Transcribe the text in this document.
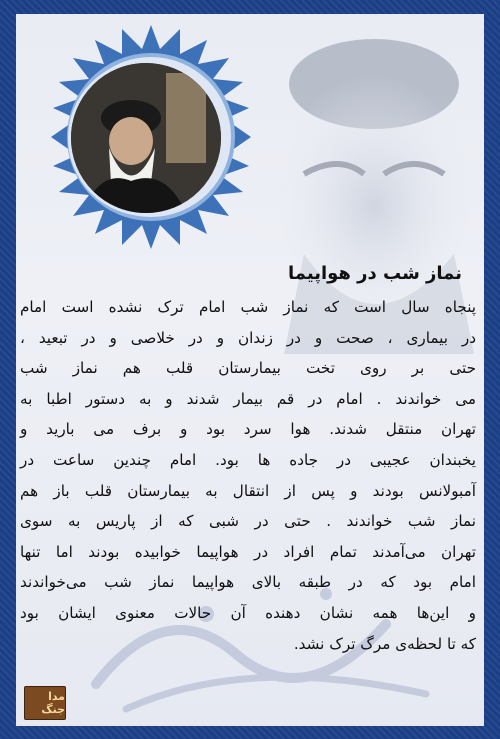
نماز شب در هواپیما
پنجاه سال است که نماز شب امام ترک نشده است امام
در بیماری ، صحت و در زندان و در خلاصی و در تبعید ،
حتی بر روی تخت بیمارستان قلب هم نماز شب
می خواندند . امام در قم بیمار شدند و به دستور اطبا به
تهران منتقل شدند. هوا سرد بود و برف می بارید و
یخبندان عجیبی در جاده ها بود. امام چندین ساعت در
آمبولانس بودند و پس از انتقال به بیمارستان قلب باز هم
نماز شب خواندند . حتی در شبی که از پاریس به سوی
تهران می‌آمدند تمام افراد در هواپیما خوابیده بودند اما تنها
امام بود که در طبقه بالای هواپیما نماز شب می‌خواندند
و این‌ها همه نشان دهنده آن حالات معنوی ایشان بود
که تا لحظه‌ی مرگ ترک نشد.
مدا جنگ
